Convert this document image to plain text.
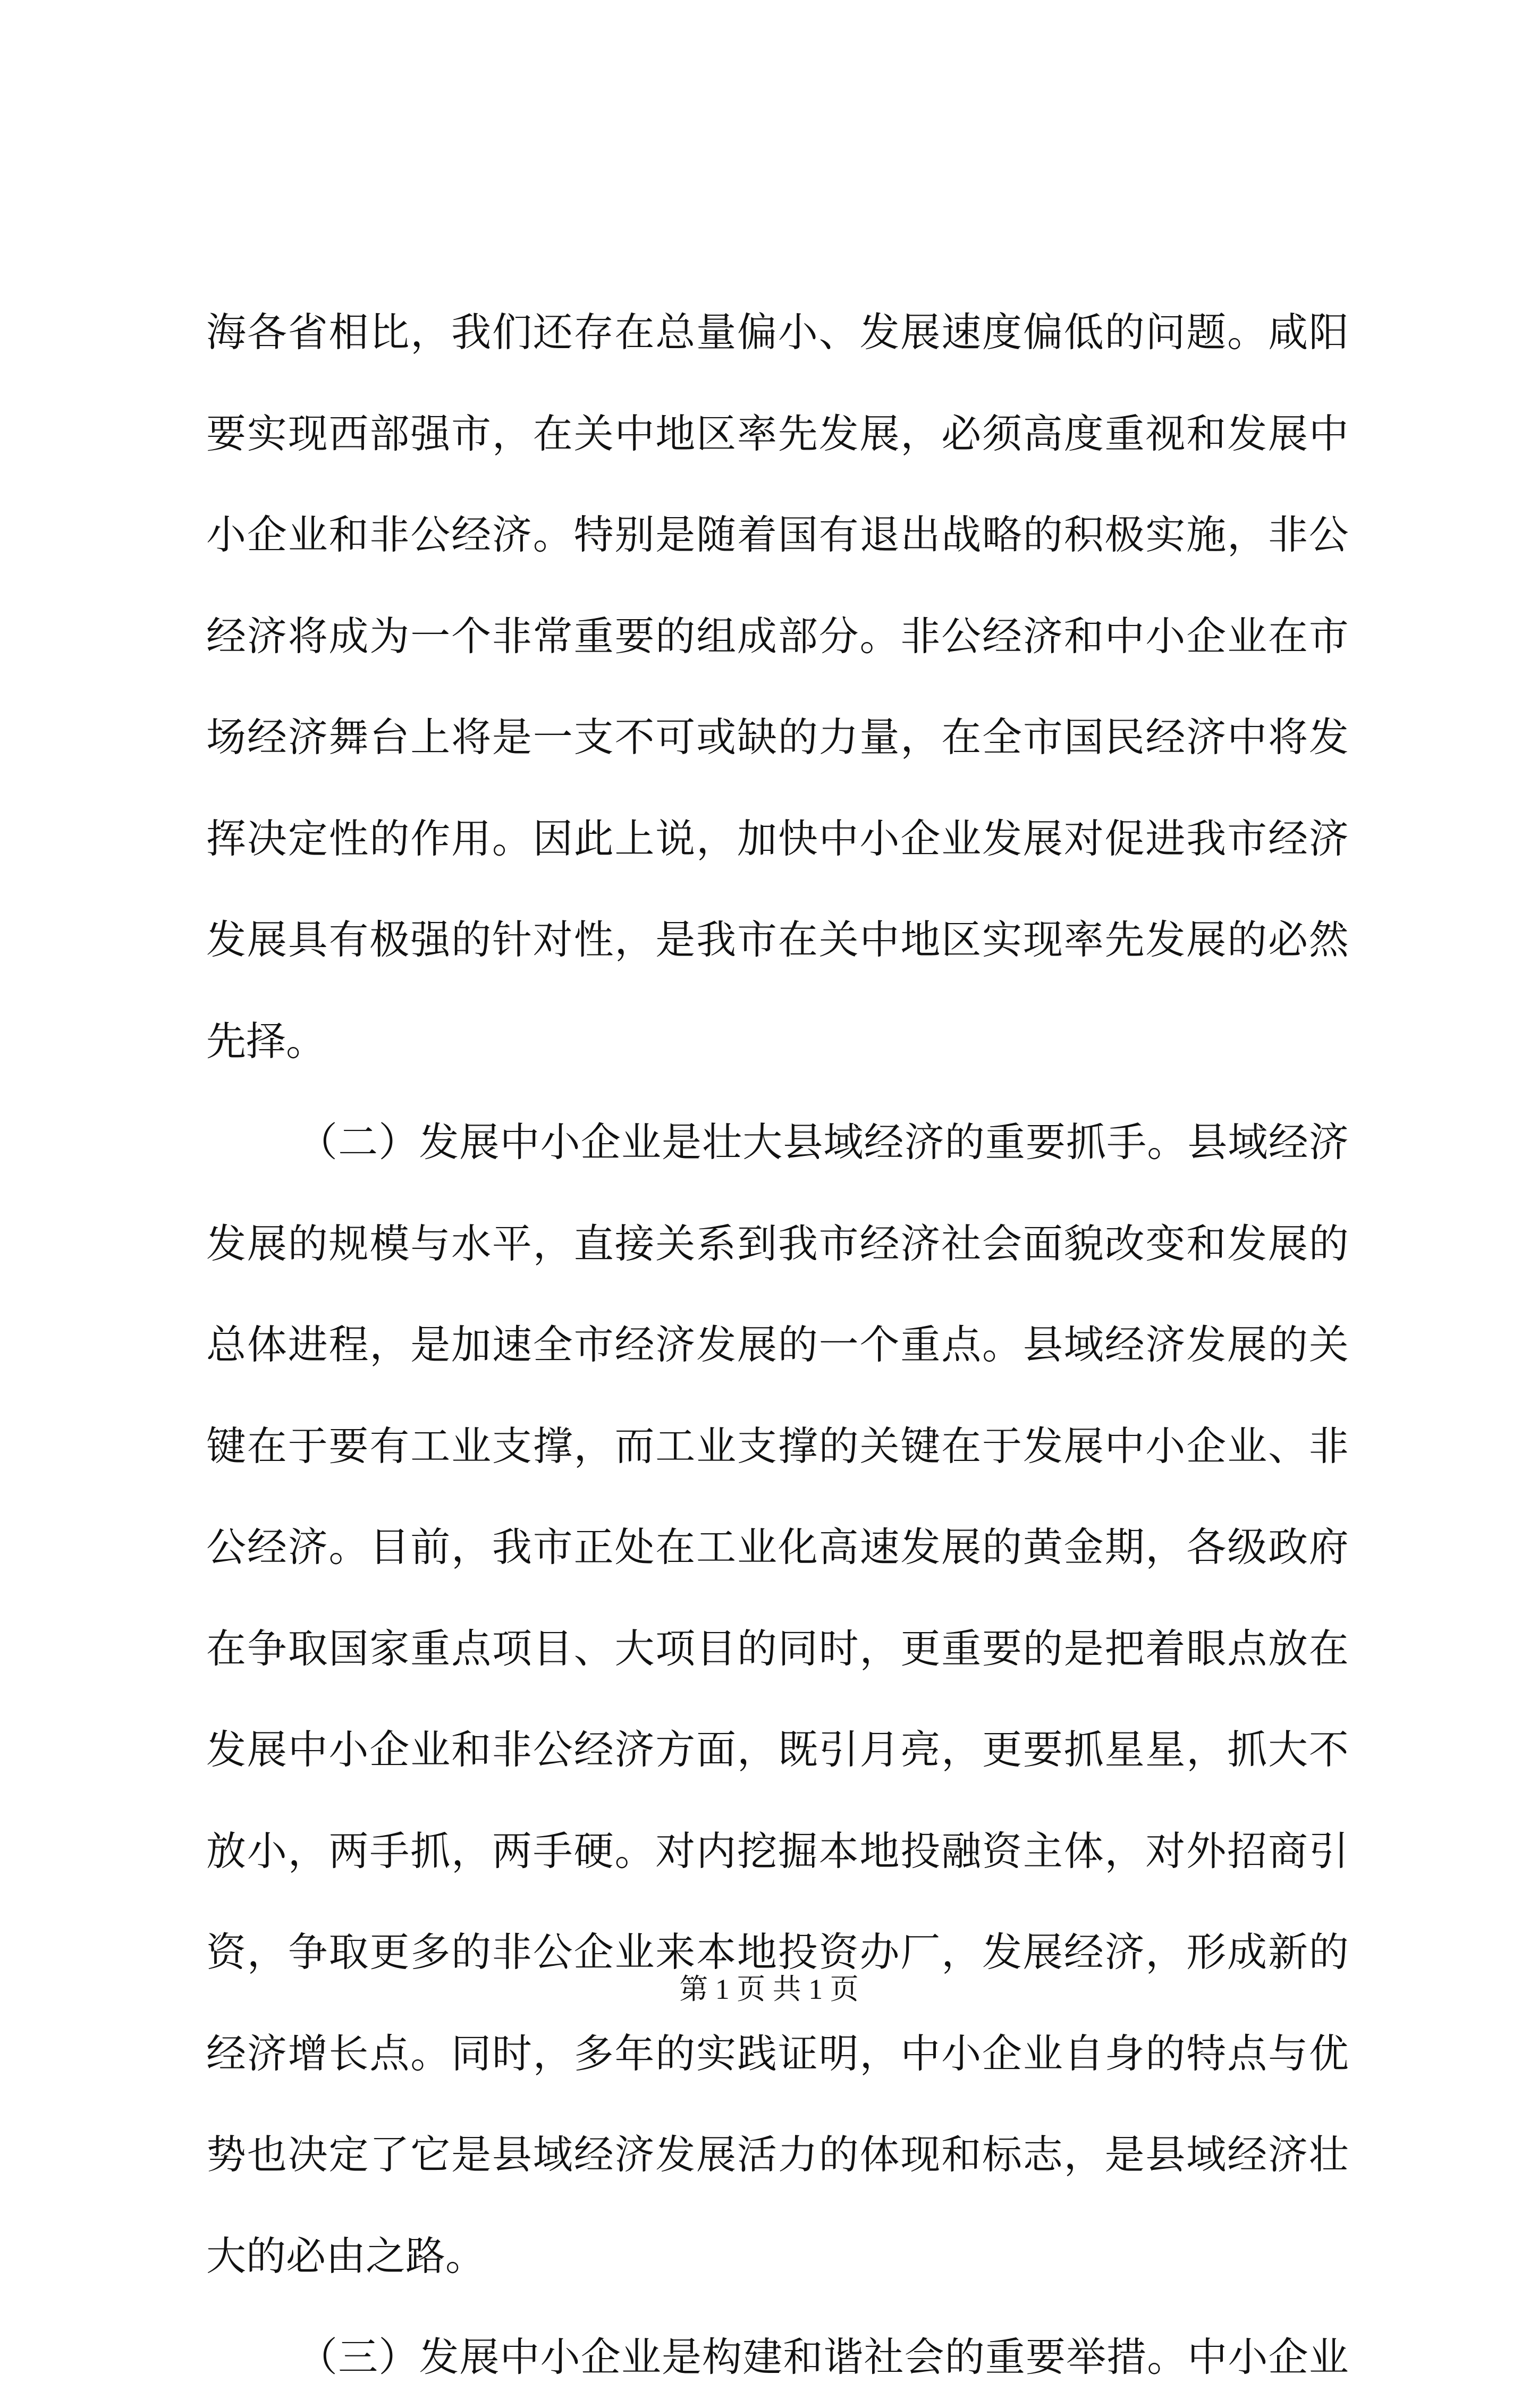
海 各 省 相 比 ， 我 们 还 存 在 总 量 偏 小 、 发 展 速 度 偏 低 的 问 题 。 咸 阳
要 实 现 西 部 强 市 ， 在 关 中 地 区 率 先 发 展 ， 必 须 高 度 重 视 和 发 展 中
小 企 业 和 非 公 经 济 。 特 别 是 随 着 国 有 退 出 战 略 的 积 极 实 施 ， 非 公
经 济 将 成 为 一 个 非 常 重 要 的 组 成 部 分 。 非 公 经 济 和 中 小 企 业 在 市
场 经 济 舞 台 上 将 是 一 支 不 可 或 缺 的 力 量 ， 在 全 市 国 民 经 济 中 将 发
挥 决 定 性 的 作 用 。 因 此 上 说 ， 加 快 中 小 企 业 发 展 对 促 进 我 市 经 济
发 展 具 有 极 强 的 针 对 性 ， 是 我 市 在 关 中 地 区 实 现 率 先 发 展 的 必 然
先择。
（ 二 ） 发 展 中 小 企 业 是 壮 大 县 域 经 济 的 重 要 抓 手 。 县 域 经 济
发 展 的 规 模 与 水 平 ， 直 接 关 系 到 我 市 经 济 社 会 面 貌 改 变 和 发 展 的
总 体 进 程 ， 是 加 速 全 市 经 济 发 展 的 一 个 重 点 。 县 域 经 济 发 展 的 关
键 在 于 要 有 工 业 支 撑 ， 而 工 业 支 撑 的 关 键 在 于 发 展 中 小 企 业 、 非
公 经 济 。 目 前 ， 我 市 正 处 在 工 业 化 高 速 发 展 的 黄 金 期 ， 各 级 政 府
在 争 取 国 家 重 点 项 目 、 大 项 目 的 同 时 ， 更 重 要 的 是 把 着 眼 点 放 在
发 展 中 小 企 业 和 非 公 经 济 方 面 ， 既 引 月 亮 ， 更 要 抓 星 星 ， 抓 大 不
放 小 ， 两 手 抓 ， 两 手 硬 。 对 内 挖 掘 本 地 投 融 资 主 体 ， 对 外 招 商 引
资 ， 争 取 更 多 的 非 公 企 业 来 本 地 投 资 办 厂 ， 发 展 经 济 ， 形 成 新 的
经 济 增 长 点 。 同 时 ， 多 年 的 实 践 证 明 ， 中 小 企 业 自 身 的 特 点 与 优
势 也 决 定 了 它 是 县 域 经 济 发 展 活 力 的 体 现 和 标 志 ， 是 县 域 经 济 壮
大的必由之路。
（ 三 ） 发 展 中 小 企 业 是 构 建 和 谐 社 会 的 重 要 举 措 。 中 小 企 业
第 1 页 共 1 页
